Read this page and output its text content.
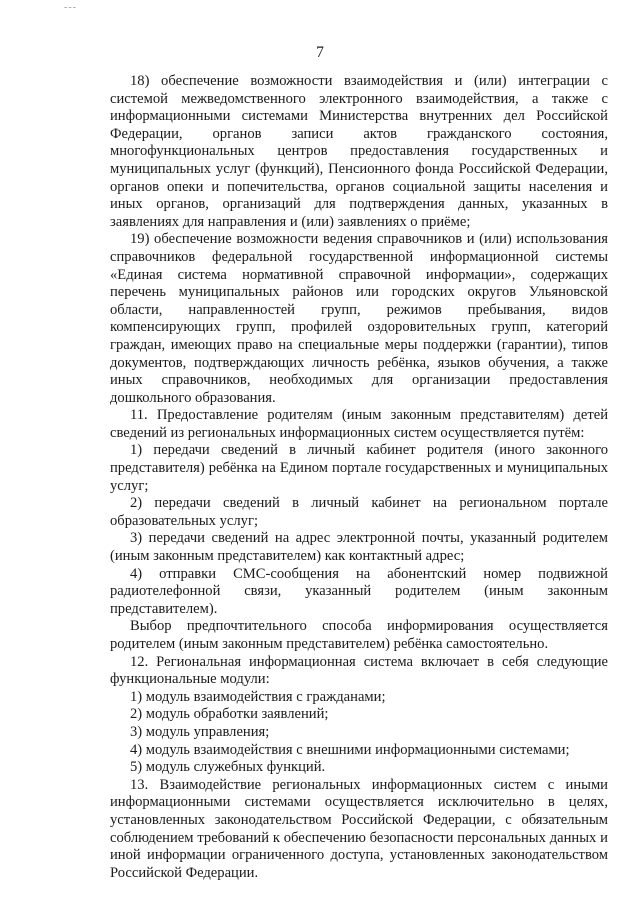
---
7

18) обеспечение возможности взаимодействия и (или) интеграции с системой межведомственного электронного взаимодействия, а также с информационными системами Министерства внутренних дел Российской Федерации, органов записи актов гражданского состояния, многофункциональных центров предоставления государственных и муниципальных услуг (функций), Пенсионного фонда Российской Федерации, органов опеки и попечительства, органов социальной защиты населения и иных органов, организаций для подтверждения данных, указанных в заявлениях для направления и (или) заявлениях о приёме;

19) обеспечение возможности ведения справочников и (или) использования справочников федеральной государственной информационной системы «Единая система нормативной справочной информации», содержащих перечень муниципальных районов или городских округов Ульяновской области, направленностей групп, режимов пребывания, видов компенсирующих групп, профилей оздоровительных групп, категорий граждан, имеющих право на специальные меры поддержки (гарантии), типов документов, подтверждающих личность ребёнка, языков обучения, а также иных справочников, необходимых для организации предоставления дошкольного образования.

11. Предоставление родителям (иным законным представителям) детей сведений из региональных информационных систем осуществляется путём:

1) передачи сведений в личный кабинет родителя (иного законного представителя) ребёнка на Едином портале государственных и муниципальных услуг;

2) передачи сведений в личный кабинет на региональном портале образовательных услуг;

3) передачи сведений на адрес электронной почты, указанный родителем (иным законным представителем) как контактный адрес;

4) отправки СМС-сообщения на абонентский номер подвижной радиотелефонной связи, указанный родителем (иным законным представителем).

Выбор предпочтительного способа информирования осуществляется родителем (иным законным представителем) ребёнка самостоятельно.

12. Региональная информационная система включает в себя следующие функциональные модули:

1) модуль взаимодействия с гражданами;

2) модуль обработки заявлений;

3) модуль управления;

4) модуль взаимодействия с внешними информационными системами;

5) модуль служебных функций.

13. Взаимодействие региональных информационных систем с иными информационными системами осуществляется исключительно в целях, установленных законодательством Российской Федерации, с обязательным соблюдением требований к обеспечению безопасности персональных данных и иной информации ограниченного доступа, установленных законодательством Российской Федерации.
